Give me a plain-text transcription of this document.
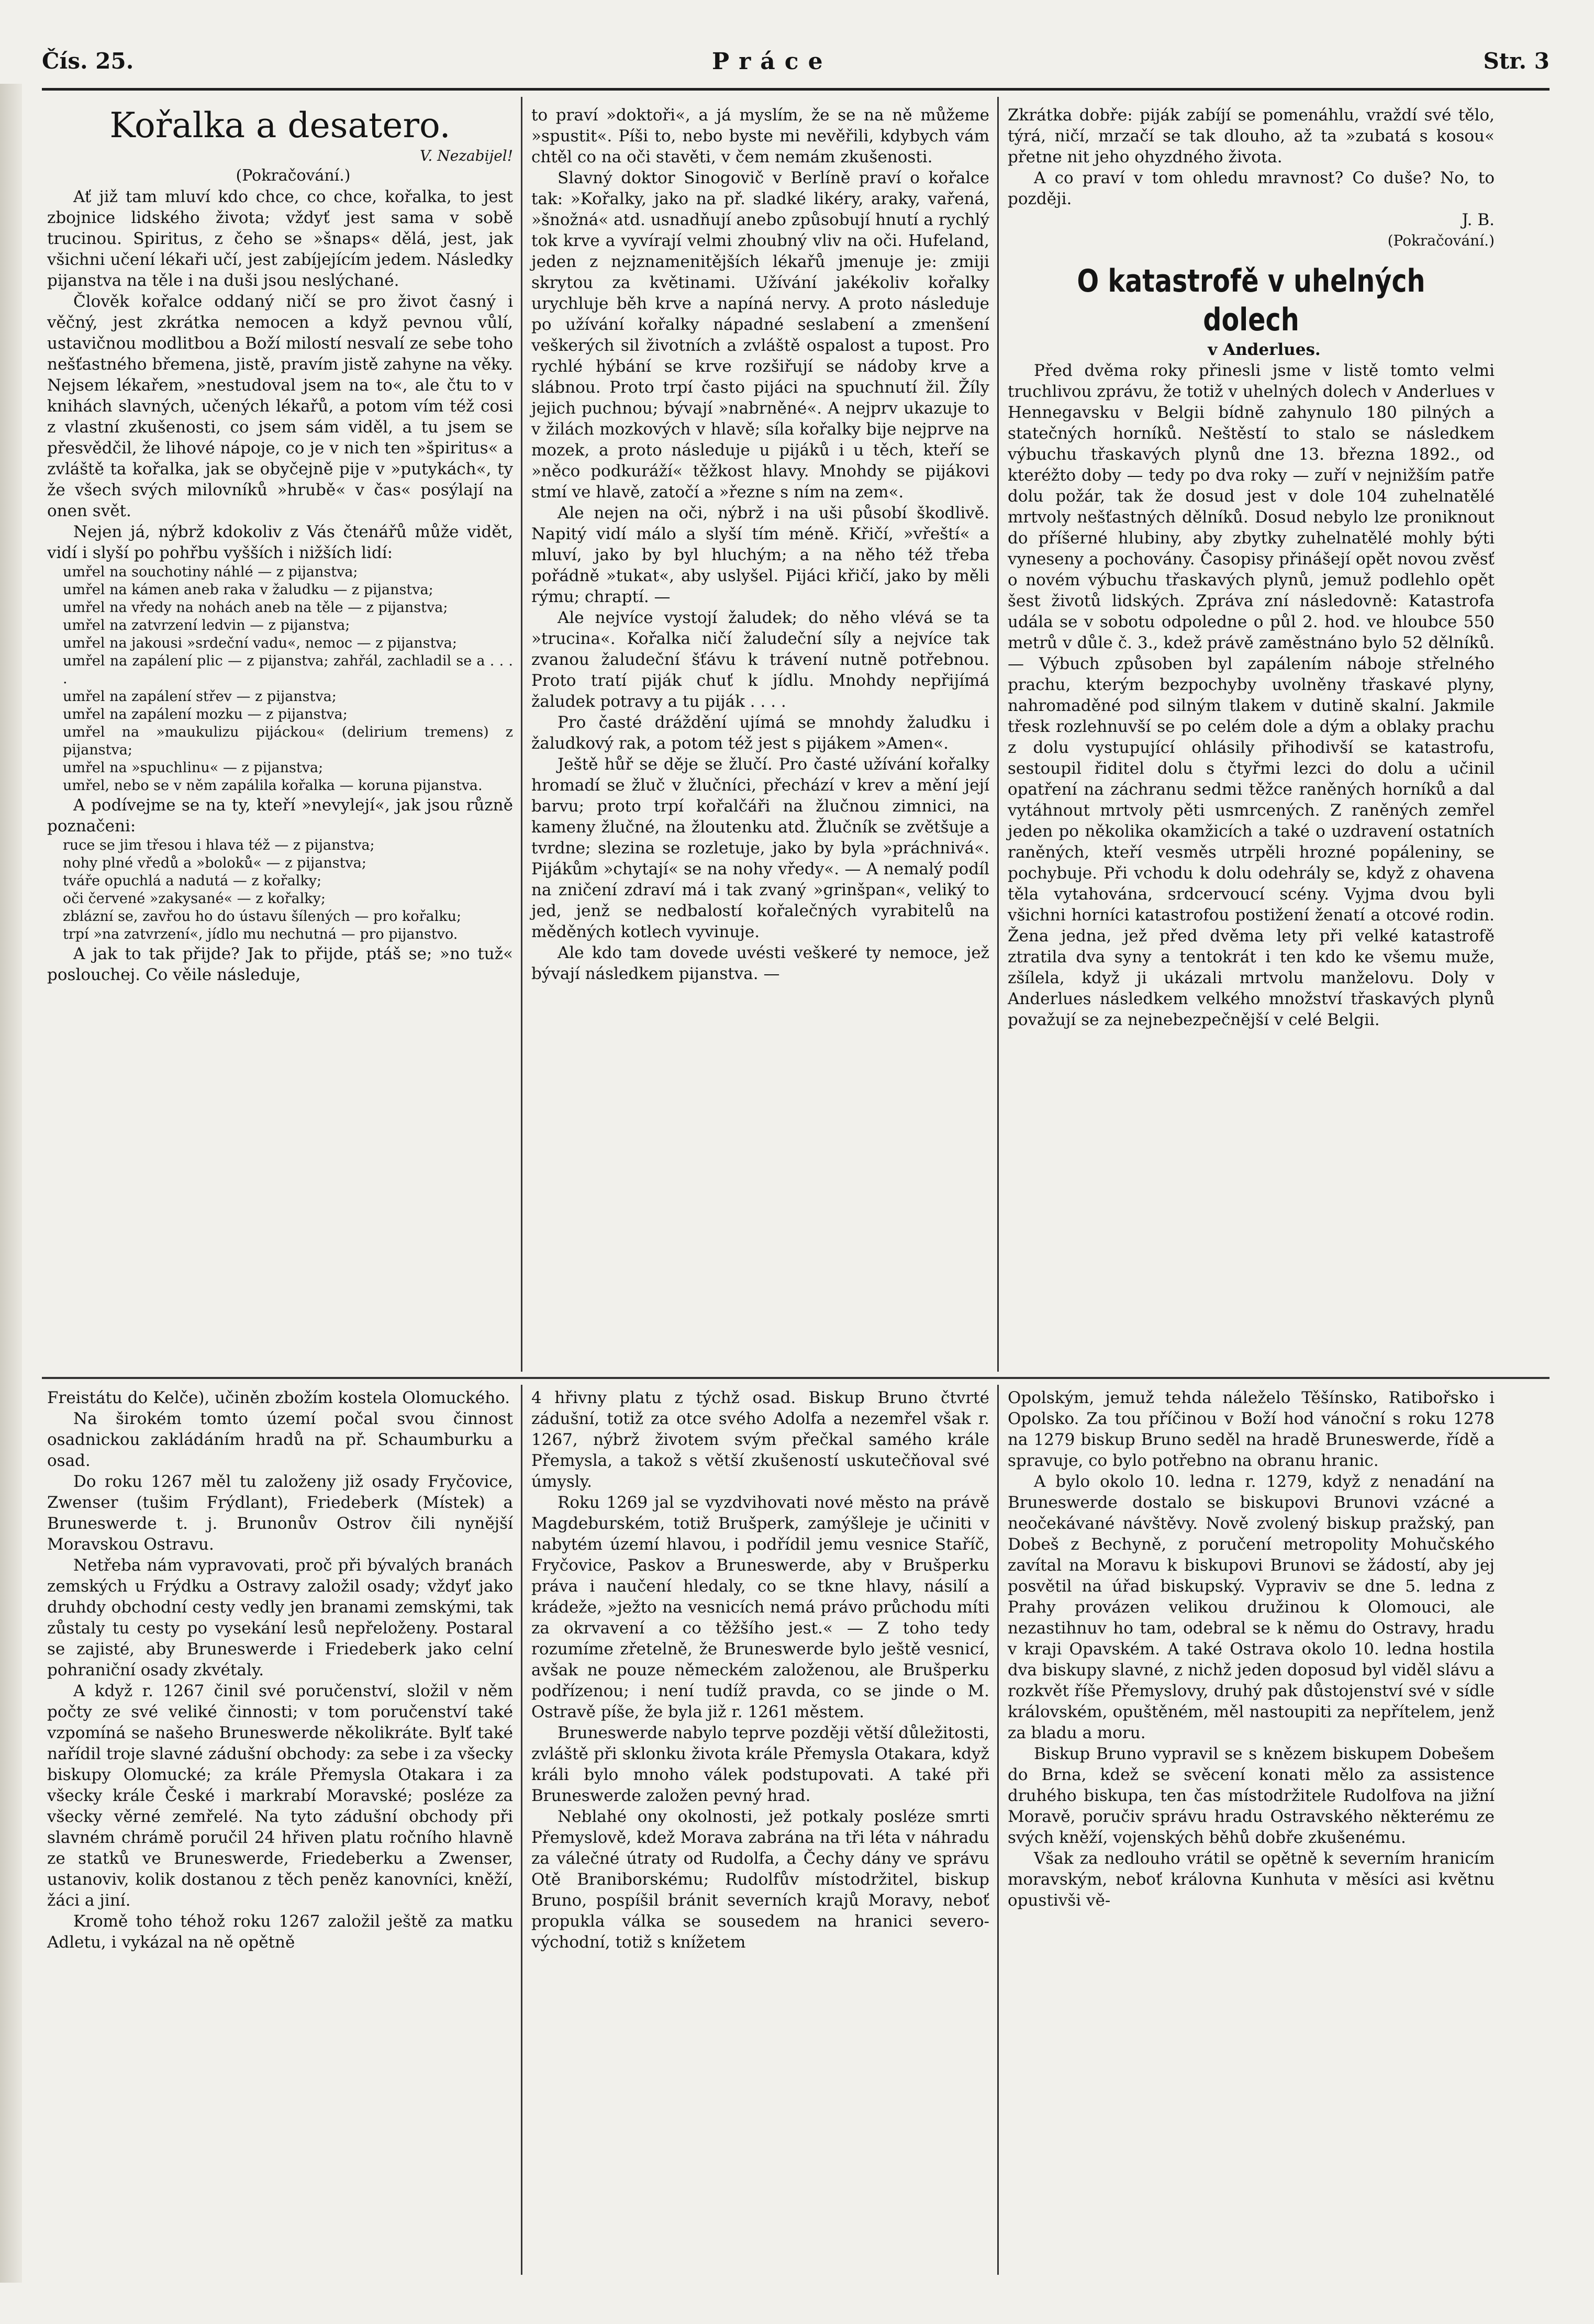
Čís. 25.	Práce	Str. 3
Kořalka a desatero.

V. Nezabijel!

(Pokračování.)

Ať již tam mluví kdo chce, co chce, kořalka, to jest zbojnice lidského života; vždyť jest sama v sobě trucinou. Spiritus, z čeho se »šnaps« dělá, jest, jak všichni učení lékaři učí, jest zabíjejícím jedem. Následky pijanstva na těle i na duši jsou neslýchané.

Člověk kořalce oddaný ničí se pro život časný i věčný, jest zkrátka nemocen a když pevnou vůlí, ustavičnou modlitbou a Boží milostí nesvalí ze sebe toho nešťastného břemena, jistě, pravím jistě zahyne na věky. Nejsem lékařem, »nestudoval jsem na to«, ale čtu to v knihách slavných, učených lékařů, a potom vím též cosi z vlastní zkušenosti, co jsem sám viděl, a tu jsem se přesvědčil, že lihové nápoje, co je v nich ten »špiritus« a zvláště ta kořalka, jak se obyčejně pije v »putykách«, ty že všech svých milovníků »hrubě« v čas« posýlají na onen svět.

Nejen já, nýbrž kdokoliv z Vás čtenářů může vidět, vidí i slyší po pohřbu vyšších i nižších lidí:

umřel na souchotiny náhlé — z pijanstva;
umřel na kámen aneb raka v žaludku — z pijanstva;
umřel na vředy na nohách aneb na těle — z pijanstva;
umřel na zatvrzení ledvin — z pijanstva;
umřel na jakousi »srdeční vadu«, nemoc — z pijanstva;
umřel na zapálení plic — z pijanstva; zahřál, zachladil se a . . . .
umřel na zapálení střev — z pijanstva;
umřel na zapálení mozku — z pijanstva;
umřel na »maukulizu pijáckou« (delirium tremens) z pijanstva;
umřel na »spuchlinu« — z pijanstva;
umřel, nebo se v něm zapálila kořalka — koruna pijanstva.

A podívejme se na ty, kteří »nevylejí«, jak jsou různě poznačeni:

ruce se jim třesou i hlava též — z pijanstva;
nohy plné vředů a »boloků« — z pijanstva;
tváře opuchlá a nadutá — z kořalky;
oči červené »zakysané« — z kořalky;
zblázní se, zavřou ho do ústavu šílených — pro kořalku;
trpí »na zatvrzení«, jídlo mu nechutná — pro pijanstvo.

A jak to tak přijde? Jak to přijde, ptáš se; »no tuž« poslouchej. Co věile následuje,

to praví »doktoři«, a já myslím, že se na ně můžeme »spustit«. Píši to, nebo byste mi nevěřili, kdybych vám chtěl co na oči stavěti, v čem nemám zkušenosti.

Slavný doktor Sinogovič v Berlíně praví o kořalce tak: »Kořalky, jako na př. sladké likéry, araky, vařená, »šnožná« atd. usnadňují anebo způsobují hnutí a rychlý tok krve a vyvírají velmi zhoubný vliv na oči. Hufeland, jeden z nejznamenitějších lékařů jmenuje je: zmiji skrytou za květinami. Užívání jakékoliv kořalky urychluje běh krve a napíná nervy. A proto následuje po užívání kořalky nápadné seslabení a zmenšení veškerých sil životních a zvláště ospalost a tupost. Pro rychlé hýbání se krve rozšiřují se nádoby krve a slábnou. Proto trpí často pijáci na spuchnutí žil. Žíly jejich puchnou; bývají »nabrněné«. A nejprv ukazuje to v žilách mozkových v hlavě; síla kořalky bije nejprve na mozek, a proto následuje u pijáků i u těch, kteří se »něco podkuráží« těžkost hlavy. Mnohdy se pijákovi stmí ve hlavě, zatočí a »řezne s ním na zem«.

Ale nejen na oči, nýbrž i na uši působí škodlivě. Napitý vidí málo a slyší tím méně. Křičí, »vřeští« a mluví, jako by byl hluchým; a na něho též třeba pořádně »tukat«, aby uslyšel. Pijáci křičí, jako by měli rýmu; chraptí. —

Ale nejvíce vystojí žaludek; do něho vlévá se ta »trucina«. Kořalka ničí žaludeční síly a nejvíce tak zvanou žaludeční šťávu k trávení nutně potřebnou. Proto tratí piják chuť k jídlu. Mnohdy nepřijímá žaludek potravy a tu piják . . . .

Pro časté dráždění ujímá se mnohdy žaludku i žaludkový rak, a potom též jest s pijákem »Amen«.

Ještě hůř se děje se žlučí. Pro časté užívání kořalky hromadí se žluč v žlučníci, přechází v krev a mění její barvu; proto trpí kořalčáři na žlučnou zimnici, na kameny žlučné, na žloutenku atd. Žlučník se zvětšuje a tvrdne; slezina se rozletuje, jako by byla »práchnivá«. Pijákům »chytají« se na nohy vředy«. — A nemalý podíl na zničení zdraví má i tak zvaný »grinšpan«, veliký to jed, jenž se nedbalostí kořalečných vyrabitelů na měděných kotlech vyvinuje.

Ale kdo tam dovede uvésti veškeré ty nemoce, jež bývají následkem pijanstva. —

Zkrátka dobře: piják zabíjí se pomenáhlu, vraždí své tělo, týrá, ničí, mrzačí se tak dlouho, až ta »zubatá s kosou« přetne nit jeho ohyzdného života.

A co praví v tom ohledu mravnost? Co duše? No, to později.

J. B.

(Pokračování.)

O katastrofě v uhelných dolech

v Anderlues.

Před dvěma roky přinesli jsme v listě tomto velmi truchlivou zprávu, že totiž v uhelných dolech v Anderlues v Hennegavsku v Belgii bídně zahynulo 180 pilných a statečných horníků. Neštěstí to stalo se následkem výbuchu třaskavých plynů dne 13. března 1892., od kteréžto doby — tedy po dva roky — zuří v nejnižším patře dolu požár, tak že dosud jest v dole 104 zuhelnatělé mrtvoly nešťastných dělníků. Dosud nebylo lze proniknout do příšerné hlubiny, aby zbytky zuhelnatělé mohly býti vyneseny a pochovány. Časopisy přinášejí opět novou zvěsť o novém výbuchu třaskavých plynů, jemuž podlehlo opět šest životů lidských. Zpráva zní následovně: Katastrofa udála se v sobotu odpoledne o půl 2. hod. ve hloubce 550 metrů v důle č. 3., kdež právě zaměstnáno bylo 52 dělníků. — Výbuch způsoben byl zapálením náboje střelného prachu, kterým bezpochyby uvolněny třaskavé plyny, nahromaděné pod silným tlakem v dutině skalní. Jakmile třesk rozlehnuvší se po celém dole a dým a oblaky prachu z dolu vystupující ohlásily přihodivší se katastrofu, sestoupil řiditel dolu s čtyřmi lezci do dolu a učinil opatření na záchranu sedmi těžce raněných horníků a dal vytáhnout mrtvoly pěti usmrcených. Z raněných zemřel jeden po několika okamžicích a také o uzdravení ostatních raněných, kteří vesměs utrpěli hrozné popáleniny, se pochybuje. Při vchodu k dolu odehrály se, když z ohavena těla vytahována, srdcervoucí scény. Vyjma dvou byli všichni horníci katastrofou postižení ženatí a otcové rodin. Žena jedna, jež před dvěma lety při velké katastrofě ztratila dva syny a tentokrát i ten kdo ke všemu muže, zšílela, když ji ukázali mrtvolu manželovu. Doly v Anderlues následkem velkého množství třaskavých plynů považují se za nejnebezpečnější v celé Belgii.

Freistátu do Kelče), učiněn zbožím kostela Olomuckého.

Na širokém tomto území počal svou činnost osadnickou zakládáním hradů na př. Schaumburku a osad.

Do roku 1267 měl tu založeny již osady Fryčovice, Zwenser (tušim Frýdlant), Friedeberk (Místek) a Bruneswerde t. j. Brunonův Ostrov čili nynější Moravskou Ostravu.

Netřeba nám vypravovati, proč při bývalých branách zemských u Frýdku a Ostravy založil osady; vždyť jako druhdy obchodní cesty vedly jen branami zemskými, tak zůstaly tu cesty po vysekání lesů nepřeloženy. Postaral se zajisté, aby Bruneswerde i Friedeberk jako celní pohraniční osady zkvétaly.

A když r. 1267 činil své poručenství, složil v něm počty ze své veliké činnosti; v tom poručenství také vzpomíná se našeho Bruneswerde několikráte. Bylť také nařídil troje slavné zádušní obchody: za sebe i za všecky biskupy Olomucké; za krále Přemysla Otakara i za všecky krále České i markrabí Moravské; posléze za všecky věrné zemřelé. Na tyto zádušní obchody při slavném chrámě poručil 24 hřiven platu ročního hlavně ze statků ve Bruneswerde, Friedeberku a Zwenser, ustanoviv, kolik dostanou z těch peněz kanovníci, kněží, žáci a jiní.

Kromě toho téhož roku 1267 založil ještě za matku Adletu, i vykázal na ně opětně

4 hřivny platu z týchž osad. Biskup Bruno čtvrté zádušní, totiž za otce svého Adolfa a nezemřel však r. 1267, nýbrž životem svým přečkal samého krále Přemysla, a takož s větší zkušeností uskutečňoval své úmysly.

Roku 1269 jal se vyzdvihovati nové město na právě Magdeburském, totiž Brušperk, zamýšleje je učiniti v nabytém území hlavou, i podřídil jemu vesnice Staříč, Fryčovice, Paskov a Bruneswerde, aby v Brušperku práva i naučení hledaly, co se tkne hlavy, násilí a krádeže, »ježto na vesnicích nemá právo průchodu míti za okrvavení a co těžšího jest.« — Z toho tedy rozumíme zřetelně, že Bruneswerde bylo ještě vesnicí, avšak ne pouze německém založenou, ale Brušperku podřízenou; i není tudíž pravda, co se jinde o M. Ostravě píše, že byla již r. 1261 městem.

Bruneswerde nabylo teprve později větší důležitosti, zvláště při sklonku života krále Přemysla Otakara, když králi bylo mnoho válek podstupovati. A také při Bruneswerde založen pevný hrad.

Neblahé ony okolnosti, jež potkaly posléze smrti Přemyslově, kdež Morava zabrána na tři léta v náhradu za válečné útraty od Rudolfa, a Čechy dány ve správu Otě Braniborskému; Rudolfův místodržitel, biskup Bruno, pospíšil bránit severních krajů Moravy, neboť propukla válka se sousedem na hranici severo-východní, totiž s knížetem

Opolským, jemuž tehda náleželo Těšínsko, Ratibořsko i Opolsko. Za tou příčinou v Boží hod vánoční s roku 1278 na 1279 biskup Bruno seděl na hradě Bruneswerde, řídě a spravuje, co bylo potřebno na obranu hranic.

A bylo okolo 10. ledna r. 1279, když z nenadání na Bruneswerde dostalo se biskupovi Brunovi vzácné a neočekávané návštěvy. Nově zvolený biskup pražský, pan Dobeš z Bechyně, z poručení metropolity Mohučského zavítal na Moravu k biskupovi Brunovi se žádostí, aby jej posvětil na úřad biskupský. Vypraviv se dne 5. ledna z Prahy provázen velikou družinou k Olomouci, ale nezastihnuv ho tam, odebral se k němu do Ostravy, hradu v kraji Opavském. A také Ostrava okolo 10. ledna hostila dva biskupy slavné, z nichž jeden doposud byl viděl slávu a rozkvět říše Přemyslovy, druhý pak důstojenství své v sídle královském, opuštěném, měl nastoupiti za nepřítelem, jenž za bladu a moru.

Biskup Bruno vypravil se s knězem biskupem Dobešem do Brna, kdež se svěcení konati mělo za assistence druhého biskupa, ten čas místodržitele Rudolfova na jižní Moravě, poručiv správu hradu Ostravského některému ze svých kněží, vojenských běhů dobře zkušenému.

Však za nedlouho vrátil se opětně k severním hranicím moravským, neboť královna Kunhuta v měsíci asi květnu opustivši vě-
